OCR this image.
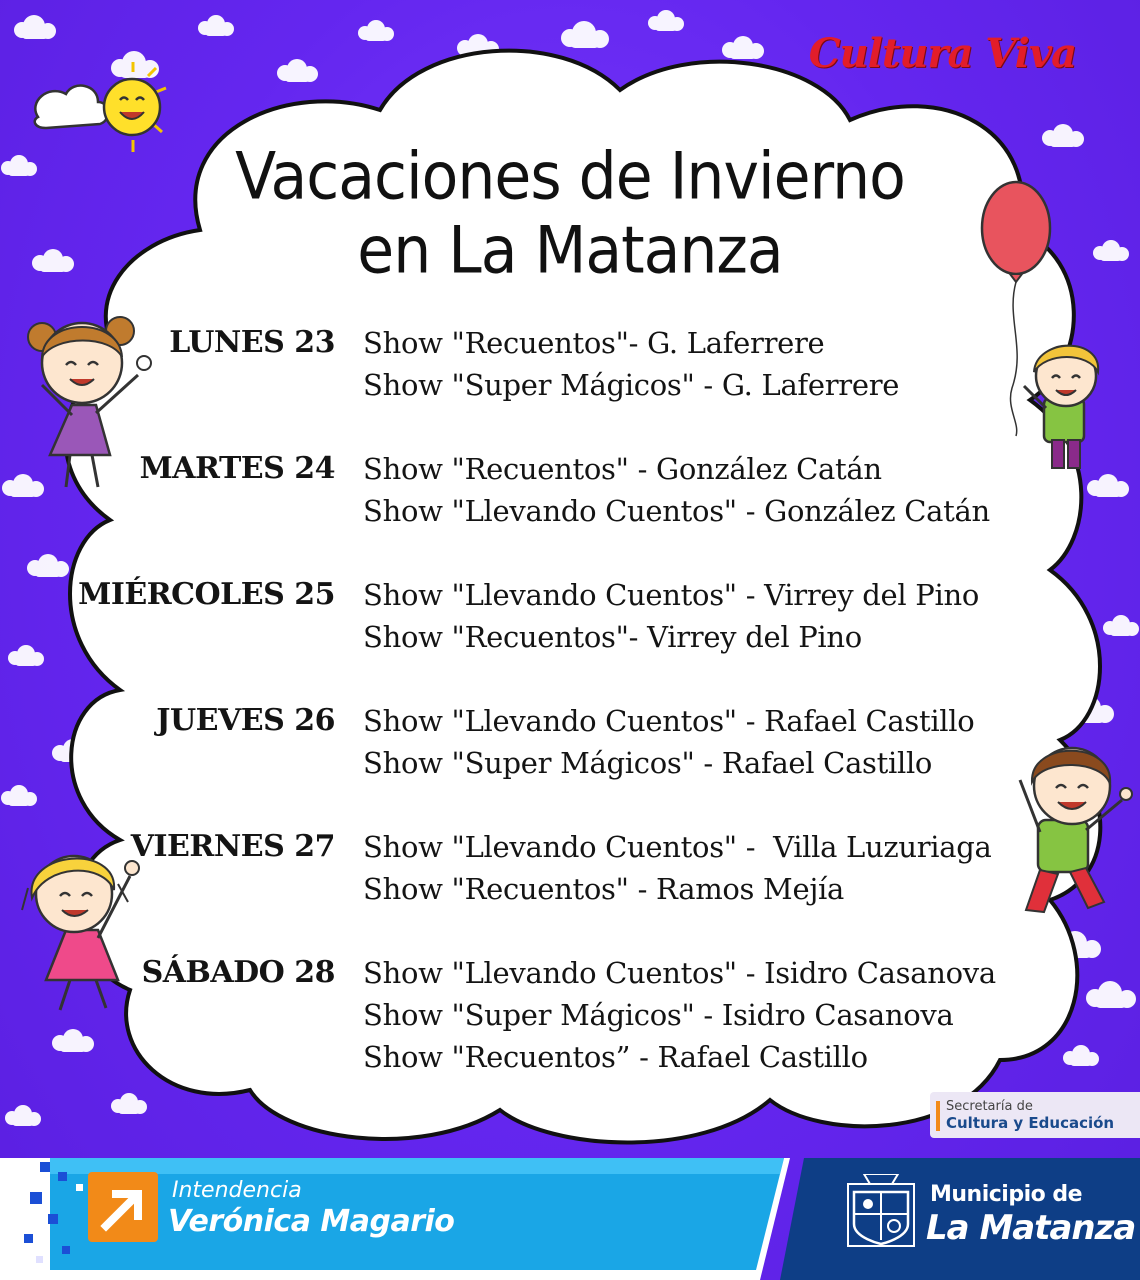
Cultura Viva
Vacaciones de Invierno
en La Matanza
LUNES 23 Show "Recuentos"- G. Laferrere
Show "Super Mágicos" - G. Laferrere
MARTES 24 Show "Recuentos" - González Catán
Show "Llevando Cuentos" - González Catán
MIÉRCOLES 25 Show "Llevando Cuentos" - Virrey del Pino
Show "Recuentos"- Virrey del Pino
JUEVES 26 Show "Llevando Cuentos" - Rafael Castillo
Show "Super Mágicos" - Rafael Castillo
VIERNES 27 Show "Llevando Cuentos" -  Villa Luzuriaga
Show "Recuentos" - Ramos Mejía
SÁBADO 28 Show "Llevando Cuentos" - Isidro Casanova
Show "Super Mágicos" - Isidro Casanova
Show "Recuentos” - Rafael Castillo
Secretaría de
Cultura y Educación
Intendencia
Verónica Magario
Municipio de
La Matanza
